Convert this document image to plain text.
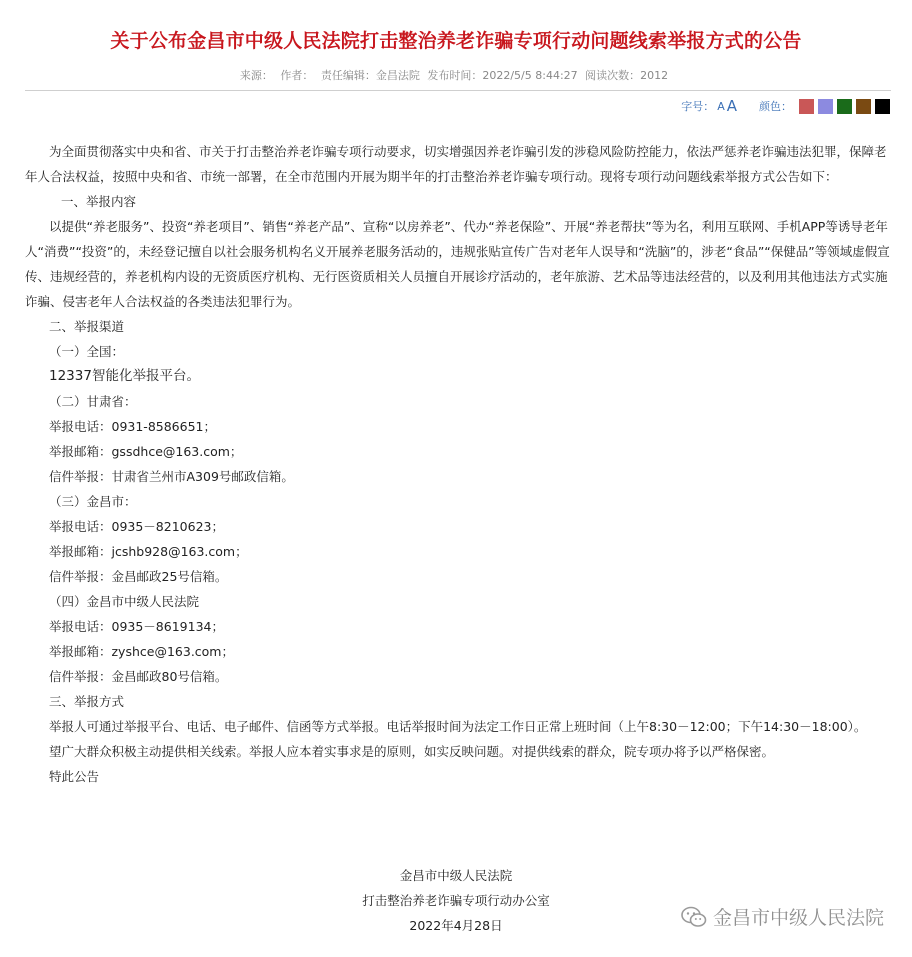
关于公布金昌市中级人民法院打击整治养老诈骗专项行动问题线索举报方式的公告
来源： 作者： 责任编辑：金昌法院 发布时间：2022/5/5 8:44:27 阅读次数：2012
字号： A A 颜色：

为全面贯彻落实中央和省、市关于打击整治养老诈骗专项行动要求，切实增强因养老诈骗引发的涉稳风险防控能力，依法严惩养老诈骗违法犯罪，保障老年人合法权益，按照中央和省、市统一部署，在全市范围内开展为期半年的打击整治养老诈骗专项行动。现将专项行动问题线索举报方式公告如下：

一、举报内容

以提供“养老服务”、投资“养老项目”、销售“养老产品”、宣称“以房养老”、代办“养老保险”、开展“养老帮扶”等为名，利用互联网、手机APP等诱导老年人“消费”“投资”的，未经登记擅自以社会服务机构名义开展养老服务活动的，违规张贴宣传广告对老年人误导和“洗脑”的，涉老“食品”“保健品”等领域虚假宣传、违规经营的，养老机构内设的无资质医疗机构、无行医资质相关人员擅自开展诊疗活动的，老年旅游、艺术品等违法经营的，以及利用其他违法方式实施诈骗、侵害老年人合法权益的各类违法犯罪行为。

二、举报渠道

（一）全国：

12337智能化举报平台。

（二）甘肃省：

举报电话：0931-8586651；

举报邮箱：gssdhce@163.com；

信件举报：甘肃省兰州市A309号邮政信箱。

（三）金昌市：

举报电话：0935－8210623；

举报邮箱：jcshb928@163.com；

信件举报：金昌邮政25号信箱。

（四）金昌市中级人民法院

举报电话：0935－8619134；

举报邮箱：zyshce@163.com；

信件举报：金昌邮政80号信箱。

三、举报方式

举报人可通过举报平台、电话、电子邮件、信函等方式举报。电话举报时间为法定工作日正常上班时间（上午8:30－12:00；下午14:30－18:00）。

望广大群众积极主动提供相关线索。举报人应本着实事求是的原则，如实反映问题。对提供线索的群众，院专项办将予以严格保密。

特此公告

金昌市中级人民法院
打击整治养老诈骗专项行动办公室
2022年4月28日	金昌市中级人民法院
